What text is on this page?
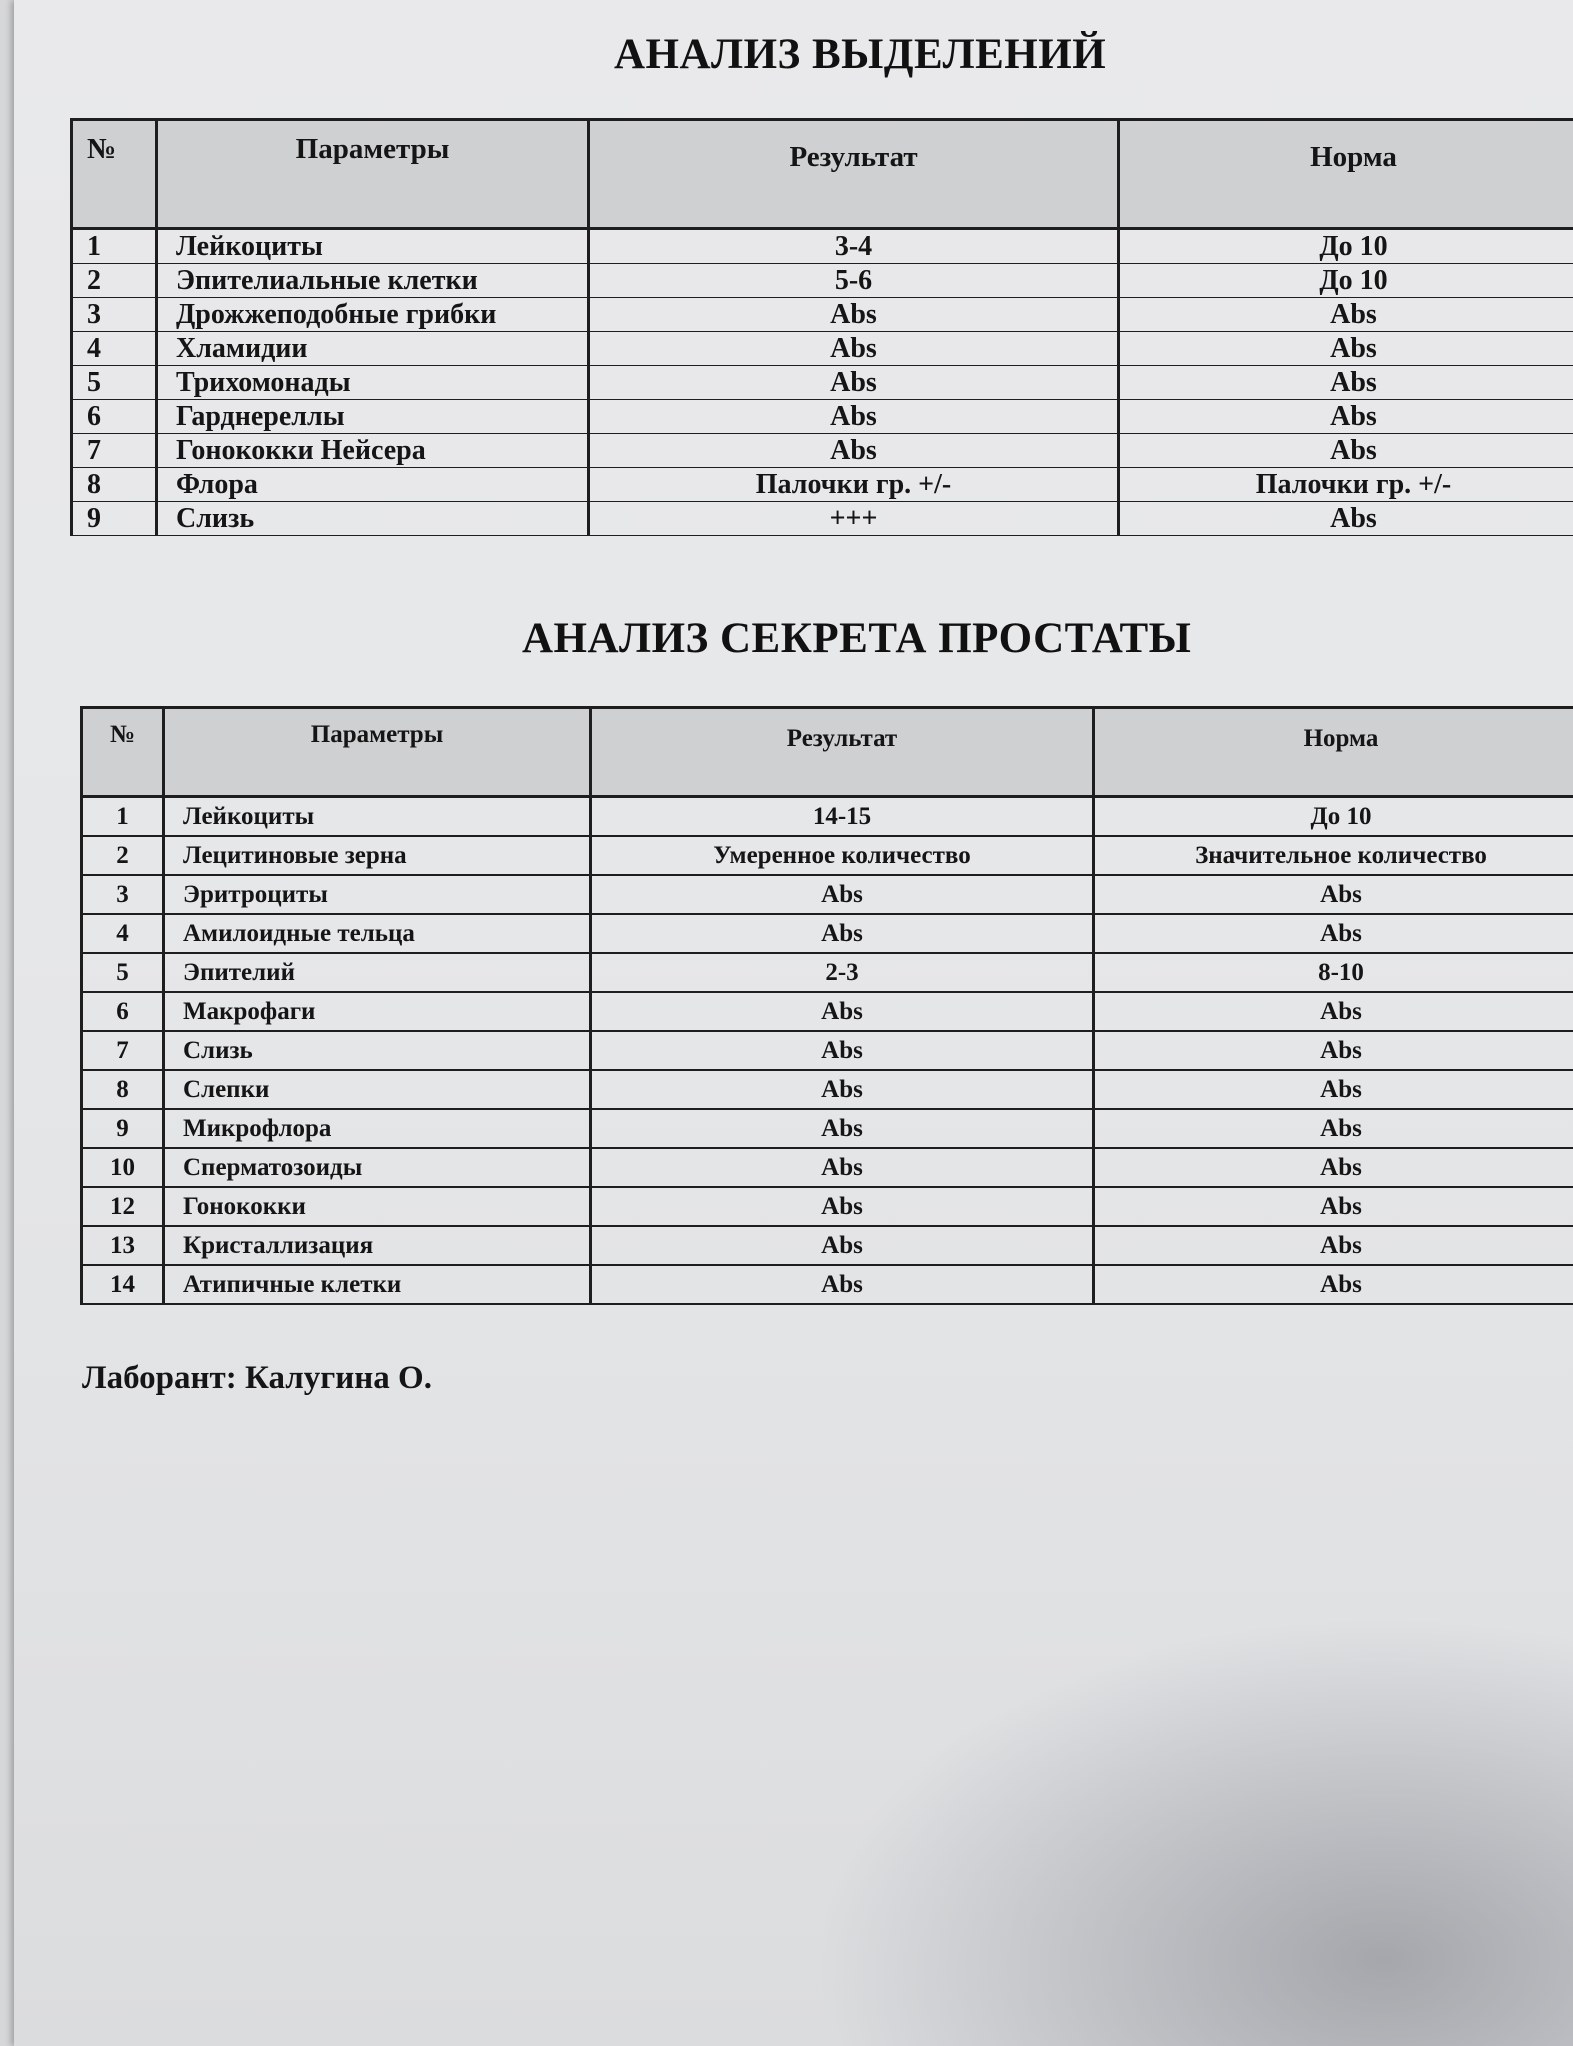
АНАЛИЗ ВЫДЕЛЕНИЙ
№	Параметры	Результат	Норма
1	Лейкоциты	3-4	До 10
2	Эпителиальные клетки	5-6	До 10
3	Дрожжеподобные грибки	Abs	Abs
4	Хламидии	Abs	Abs
5	Трихомонады	Abs	Abs
6	Гарднереллы	Abs	Abs
7	Гонококки Нейсера	Abs	Abs
8	Флора	Палочки гр. +/-	Палочки гр. +/-
9	Слизь	+++	Abs
АНАЛИЗ СЕКРЕТА ПРОСТАТЫ
№	Параметры	Результат	Норма
1	Лейкоциты	14-15	До 10
2	Лецитиновые зерна	Умеренное количество	Значительное количество
3	Эритроциты	Abs	Abs
4	Амилоидные тельца	Abs	Abs
5	Эпителий	2-3	8-10
6	Макрофаги	Abs	Abs
7	Слизь	Abs	Abs
8	Слепки	Abs	Abs
9	Микрофлора	Abs	Abs
10	Сперматозоиды	Abs	Abs
12	Гонококки	Abs	Abs
13	Кристаллизация	Abs	Abs
14	Атипичные клетки	Abs	Abs
Лаборант: Калугина О.
